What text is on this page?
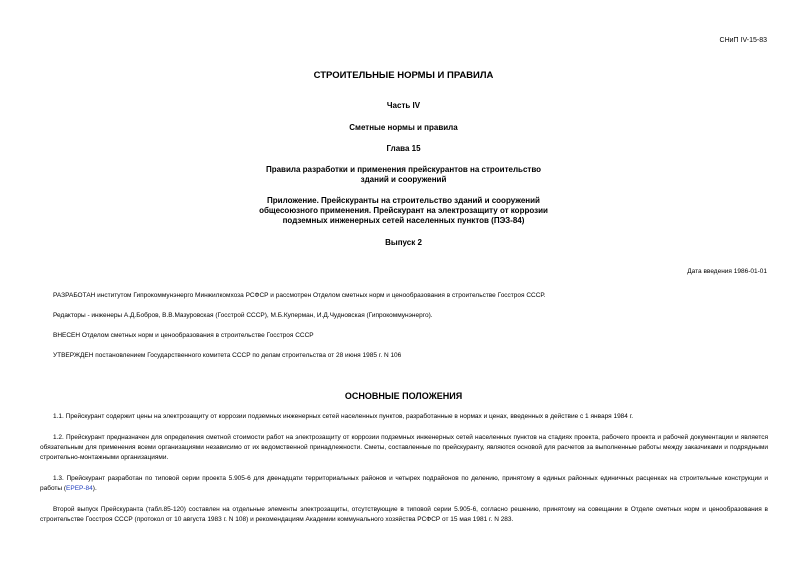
СНиП IV-15-83
СТРОИТЕЛЬНЫЕ НОРМЫ И ПРАВИЛА
Часть IV
Сметные нормы и правила
Глава 15
Правила разработки и применения прейскурантов на строительство
зданий и сооружений
Приложение. Прейскуранты на строительство зданий и сооружений
общесоюзного применения. Прейскурант на электрозащиту от коррозии
подземных инженерных сетей населенных пунктов (ПЭЗ-84)
Выпуск 2
Дата введения 1986-01-01
РАЗРАБОТАН институтом Гипрокоммунэнерго Минжилкомхоза РСФСР и рассмотрен Отделом сметных норм и ценообразования в строительстве Госстроя СССР.
Редакторы - инженеры А.Д.Бобров, В.В.Мазуровская (Госстрой СССР), М.Б.Куперман, И.Д.Чудновская (Гипрокоммунэнерго).
ВНЕСЕН Отделом сметных норм и ценообразования в строительстве Госстроя СССР
УТВЕРЖДЕН постановлением Государственного комитета СССР по делам строительства от 28 июня 1985 г. N 106
ОСНОВНЫЕ ПОЛОЖЕНИЯ
1.1. Прейскурант содержит цены на электрозащиту от коррозии подземных инженерных сетей населенных пунктов, разработанные в нормах и ценах, введенных в действие с 1 января 1984 г.
1.2. Прейскурант предназначен для определения сметной стоимости работ на электрозащиту от коррозии подземных инженерных сетей населенных пунктов на стадиях проекта, рабочего проекта и рабочей документации и является обязательным для применения всеми организациями независимо от их ведомственной принадлежности. Сметы, составленные по прейскуранту, являются основой для расчетов за выполненные работы между заказчиками и подрядными строительно-монтажными организациями.
1.3. Прейскурант разработан по типовой серии проекта 5.905-6 для двенадцати территориальных районов и четырех подрайонов по делению, принятому в единых районных единичных расценках на строительные конструкции и работы (ЕРЕР-84).
Второй выпуск Прейскуранта (табл.85-120) составлен на отдельные элементы электрозащиты, отсутствующие в типовой серии 5.905-6, согласно решению, принятому на совещании в Отделе сметных норм и ценообразования в строительстве Госстроя СССР (протокол от 10 августа 1983 г. N 108) и рекомендациям Академии коммунального хозяйства РСФСР от 15 мая 1981 г. N 283.
